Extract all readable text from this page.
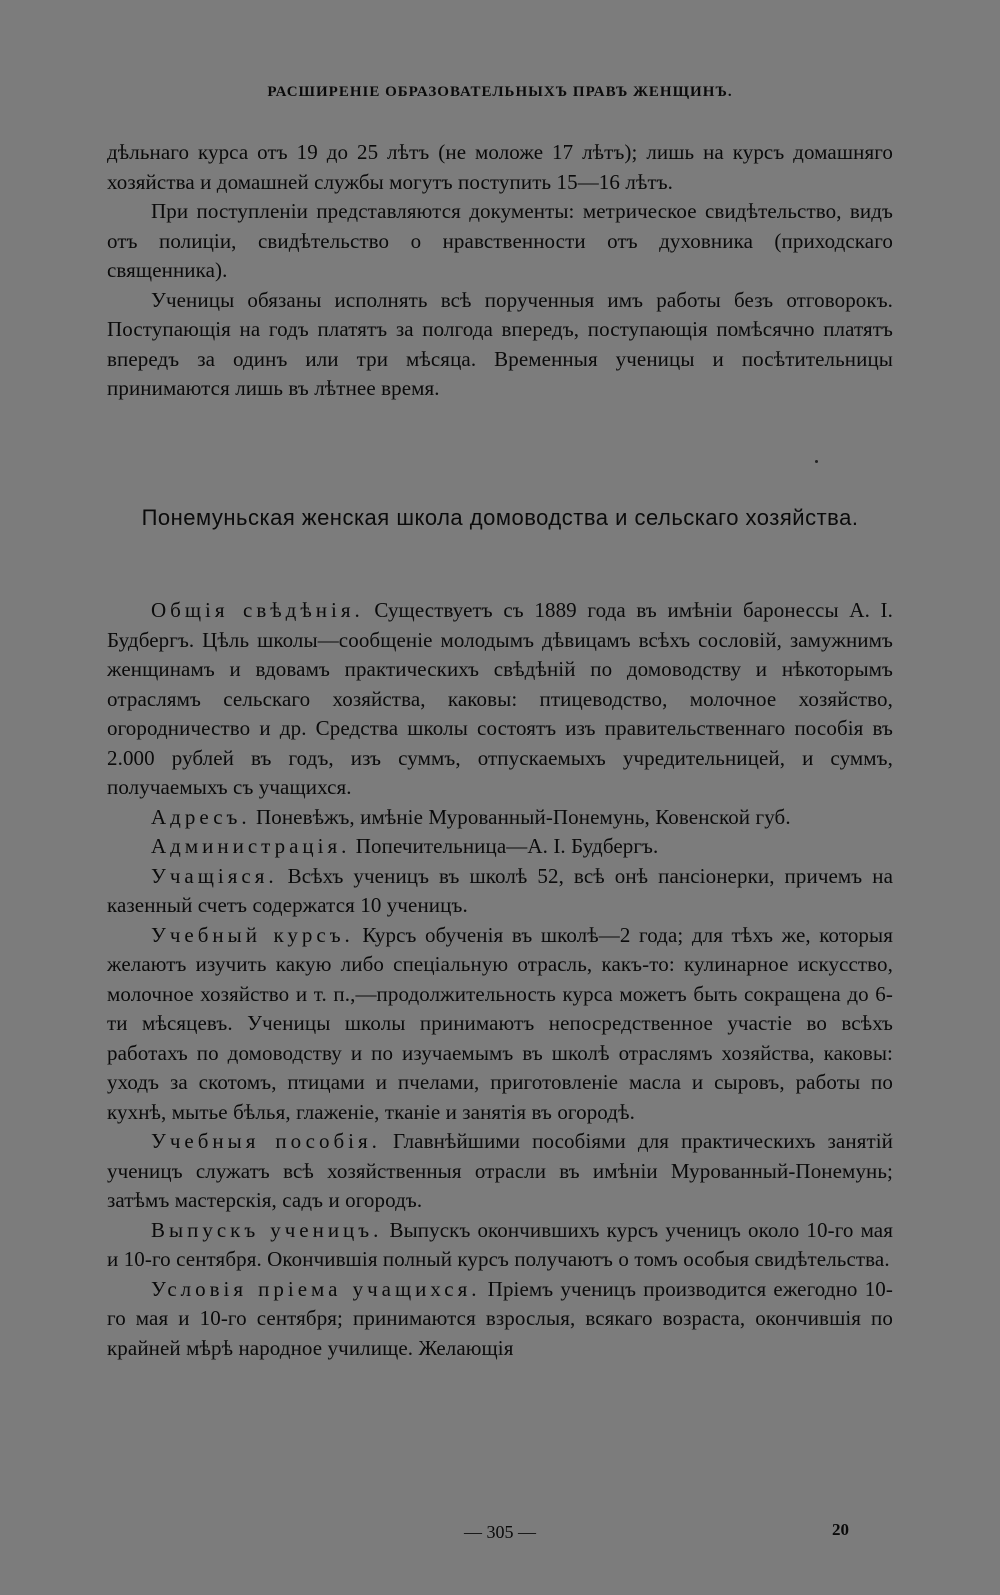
РАСШИРЕНІЕ ОБРАЗОВАТЕЛЬНЫХЪ ПРАВЪ ЖЕНЩИНЪ.

дѣльнаго курса отъ 19 до 25 лѣтъ (не моложе 17 лѣтъ); лишь на курсъ домашняго хозяйства и домашней службы могутъ поступить 15—16 лѣтъ.

При поступленіи представляются документы: метрическое свидѣтельство, видъ отъ полиціи, свидѣтельство о нравственности отъ духовника (приходскаго священника).

Ученицы обязаны исполнять всѣ порученныя имъ работы безъ отговорокъ. Поступающія на годъ платятъ за полгода впередъ, поступающія помѣсячно платятъ впередъ за одинъ или три мѣсяца. Временныя ученицы и посѣтительницы принимаются лишь въ лѣтнее время.

Понемуньская женская школа домоводства и сельскаго хозяйства.

Общія свѣдѣнія. Существуетъ съ 1889 года въ имѣніи баронессы А. І. Будбергъ. Цѣль школы—сообщеніе молодымъ дѣвицамъ всѣхъ сословій, замужнимъ женщинамъ и вдовамъ практическихъ свѣдѣній по домоводству и нѣкоторымъ отраслямъ сельскаго хозяйства, каковы: птицеводство, молочное хозяйство, огородничество и др. Средства школы состоятъ изъ правительственнаго пособія въ 2.000 рублей въ годъ, изъ суммъ, отпускаемыхъ учредительницей, и суммъ, получаемыхъ съ учащихся.

Адресъ. Поневѣжъ, имѣніе Мурованный-Понемунь, Ковенской губ.

Администрація. Попечительница—А. І. Будбергъ.

Учащіяся. Всѣхъ ученицъ въ школѣ 52, всѣ онѣ пансіонерки, причемъ на казенный счетъ содержатся 10 ученицъ.

Учебный курсъ. Курсъ обученія въ школѣ—2 года; для тѣхъ же, которыя желаютъ изучить какую либо спеціальную отрасль, какъ-то: кулинарное искусство, молочное хозяйство и т. п.,—продолжительность курса можетъ быть сокращена до 6-ти мѣсяцевъ. Ученицы школы принимаютъ непосредственное участіе во всѣхъ работахъ по домоводству и по изучаемымъ въ школѣ отраслямъ хозяйства, каковы: уходъ за скотомъ, птицами и пчелами, приготовленіе масла и сыровъ, работы по кухнѣ, мытье бѣлья, глаженіе, тканіе и занятія въ огородѣ.

Учебныя пособія. Главнѣйшими пособіями для практическихъ занятій ученицъ служатъ всѣ хозяйственныя отрасли въ имѣніи Мурованный-Понемунь; затѣмъ мастерскія, садъ и огородъ.

Выпускъ ученицъ. Выпускъ окончившихъ курсъ ученицъ около 10-го мая и 10-го сентября. Окончившія полный курсъ получаютъ о томъ особыя свидѣтельства.

Условія пріема учащихся. Пріемъ ученицъ производится ежегодно 10-го мая и 10-го сентября; принимаются взрослыя, всякаго возраста, окончившія по крайней мѣрѣ народное училище. Желающія

— 305 —	20
